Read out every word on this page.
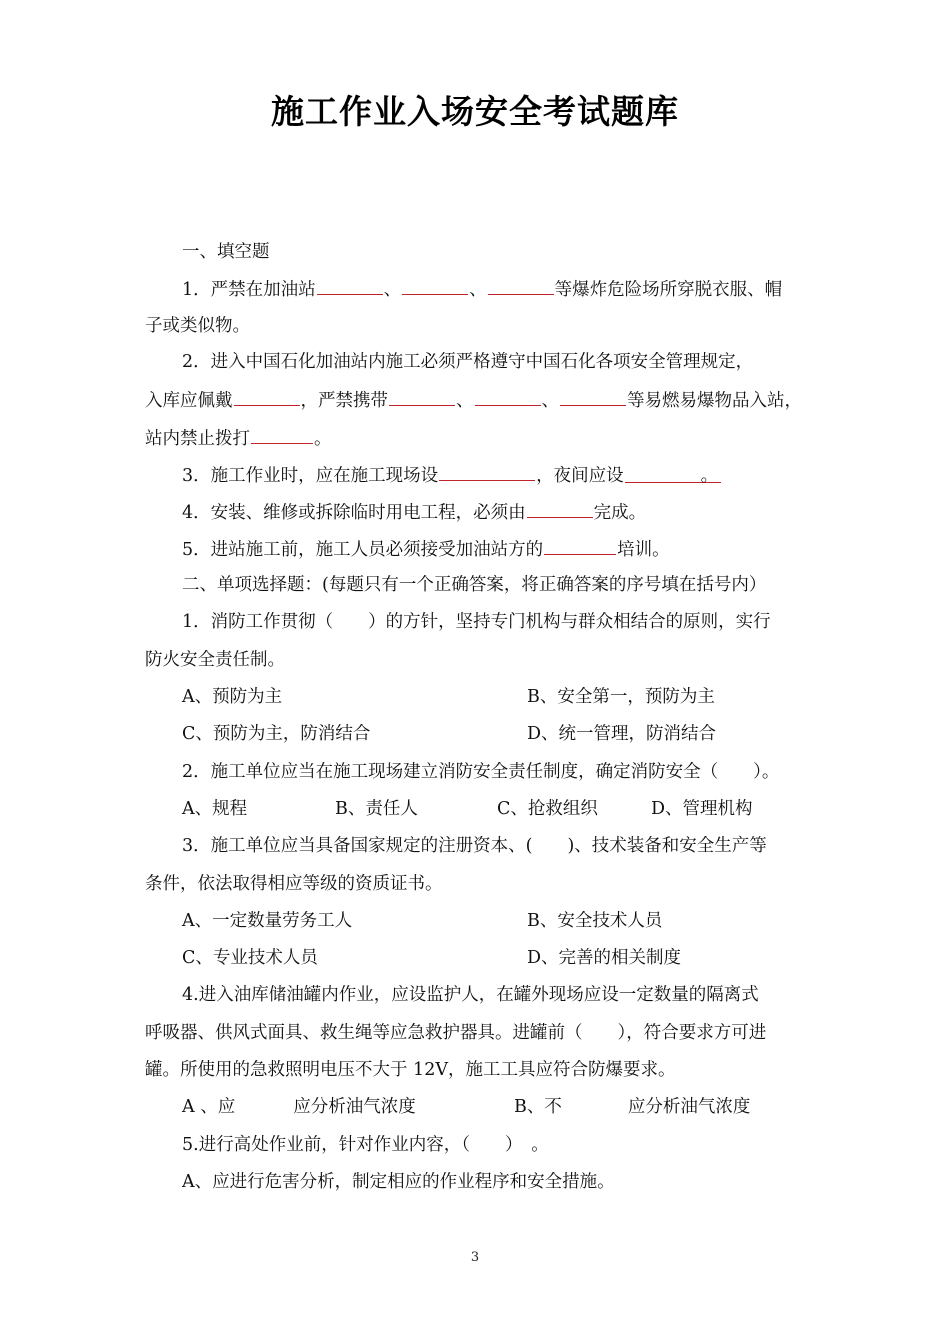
施工作业入场安全考试题库
一、填空题
1．严禁在加油站	、	、	等爆炸危险场所穿脱衣服、帽
子或类似物。
2．进入中国石化加油站内施工必须严格遵守中国石化各项安全管理规定，
入库应佩戴	，严禁携带	、	、	等易燃易爆物品入站，
站内禁止拨打	。
3．施工作业时，应在施工现场设	，夜间应设	。
4．安装、维修或拆除临时用电工程，必须由	完成。
5．进站施工前，施工人员必须接受加油站方的	培训。
二、单项选择题：(每题只有一个正确答案，将正确答案的序号填在括号内）
1．消防工作贯彻（　　）的方针，坚持专门机构与群众相结合的原则，实行
防火安全责任制。
A、预防为主	B、安全第一，预防为主
C、预防为主，防消结合	D、统一管理，防消结合
2．施工单位应当在施工现场建立消防安全责任制度，确定消防安全（　　）。
A、规程	B、责任人	C、抢救组织	D、管理机构
3．施工单位应当具备国家规定的注册资本、(　　)、技术装备和安全生产等
条件，依法取得相应等级的资质证书。
A、一定数量劳务工人	B、安全技术人员
C、专业技术人员	D、完善的相关制度
4.进入油库储油罐内作业，应设监护人，在罐外现场应设一定数量的隔离式
呼吸器、供风式面具、救生绳等应急救护器具。进罐前（　　），符合要求方可进
罐。所使用的急救照明电压不大于 12V，施工工具应符合防爆要求。
A 、应	应分析油气浓度	B、不	应分析油气浓度
5.进行高处作业前，针对作业内容，（　　）　。
A、应进行危害分析，制定相应的作业程序和安全措施。
3
